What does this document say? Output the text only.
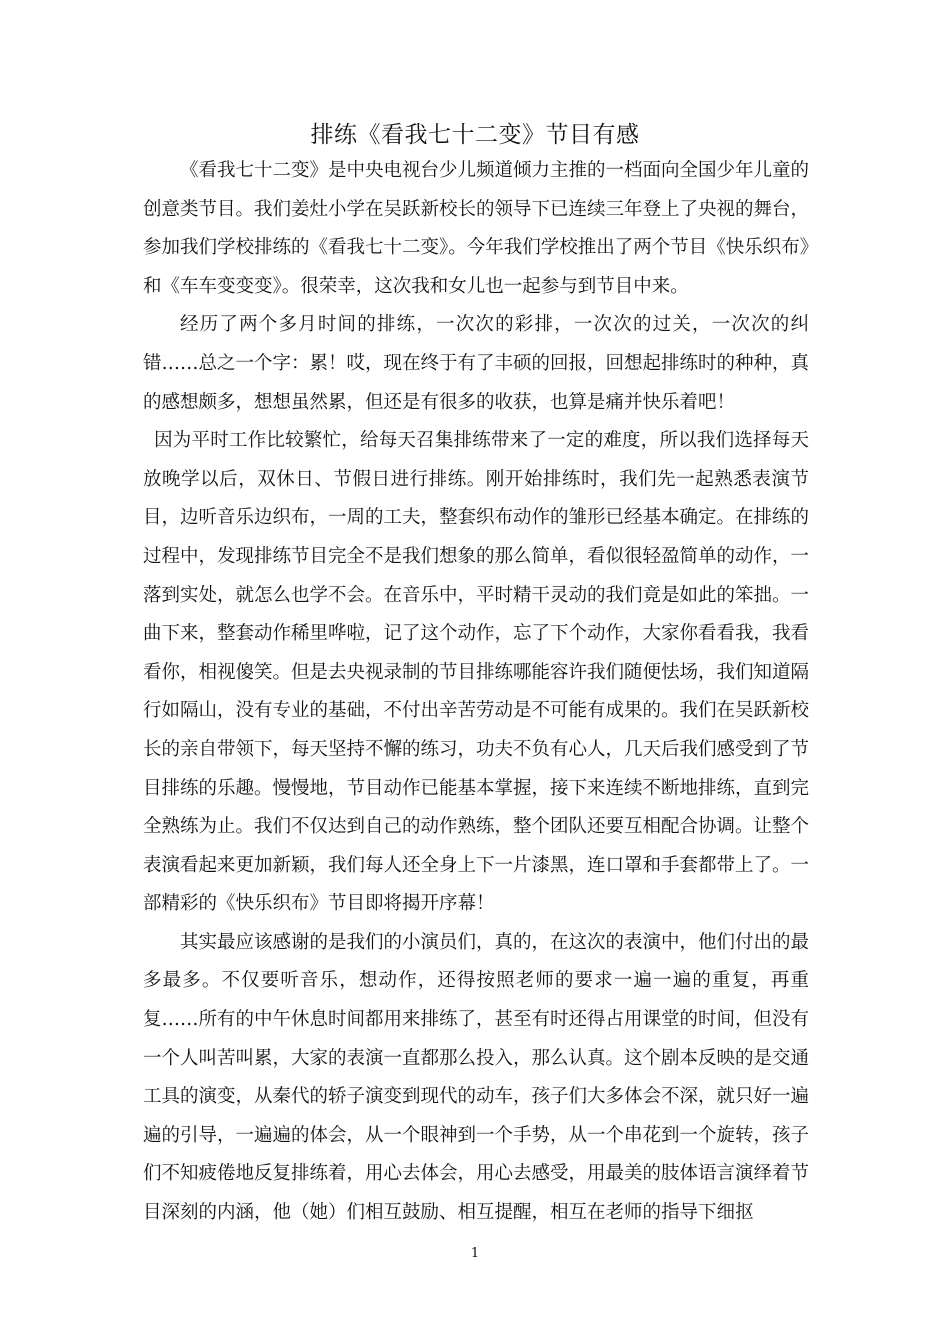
排练《看我七十二变》节目有感

《看我七十二变》是中央电视台少儿频道倾力主推的一档面向全国少年儿童的创意类节目。我们姜灶小学在吴跃新校长的领导下已连续三年登上了央视的舞台，参加我们学校排练的《看我七十二变》。今年我们学校推出了两个节目《快乐织布》和《车车变变变》。很荣幸，这次我和女儿也一起参与到节目中来。

经历了两个多月时间的排练，一次次的彩排，一次次的过关，一次次的纠错……总之一个字：累！哎，现在终于有了丰硕的回报，回想起排练时的种种，真的感想颇多，想想虽然累，但还是有很多的收获，也算是痛并快乐着吧！

因为平时工作比较繁忙，给每天召集排练带来了一定的难度，所以我们选择每天放晚学以后，双休日、节假日进行排练。刚开始排练时，我们先一起熟悉表演节目，边听音乐边织布，一周的工夫，整套织布动作的雏形已经基本确定。在排练的过程中，发现排练节目完全不是我们想象的那么简单，看似很轻盈简单的动作，一落到实处，就怎么也学不会。在音乐中，平时精干灵动的我们竟是如此的笨拙。一曲下来，整套动作稀里哗啦，记了这个动作，忘了下个动作，大家你看看我，我看看你，相视傻笑。但是去央视录制的节目排练哪能容许我们随便怯场，我们知道隔行如隔山，没有专业的基础，不付出辛苦劳动是不可能有成果的。我们在吴跃新校长的亲自带领下，每天坚持不懈的练习，功夫不负有心人，几天后我们感受到了节目排练的乐趣。慢慢地，节目动作已能基本掌握，接下来连续不断地排练，直到完全熟练为止。我们不仅达到自己的动作熟练，整个团队还要互相配合协调。让整个表演看起来更加新颖，我们每人还全身上下一片漆黑，连口罩和手套都带上了。一部精彩的《快乐织布》节目即将揭开序幕！

其实最应该感谢的是我们的小演员们，真的，在这次的表演中，他们付出的最多最多。不仅要听音乐，想动作，还得按照老师的要求一遍一遍的重复，再重复……所有的中午休息时间都用来排练了，甚至有时还得占用课堂的时间，但没有一个人叫苦叫累，大家的表演一直都那么投入，那么认真。这个剧本反映的是交通工具的演变，从秦代的轿子演变到现代的动车，孩子们大多体会不深，就只好一遍遍的引导，一遍遍的体会，从一个眼神到一个手势，从一个串花到一个旋转，孩子们不知疲倦地反复排练着，用心去体会，用心去感受，用最美的肢体语言演绎着节目深刻的内涵，他（她）们相互鼓励、相互提醒，相互在老师的指导下细抠

1
